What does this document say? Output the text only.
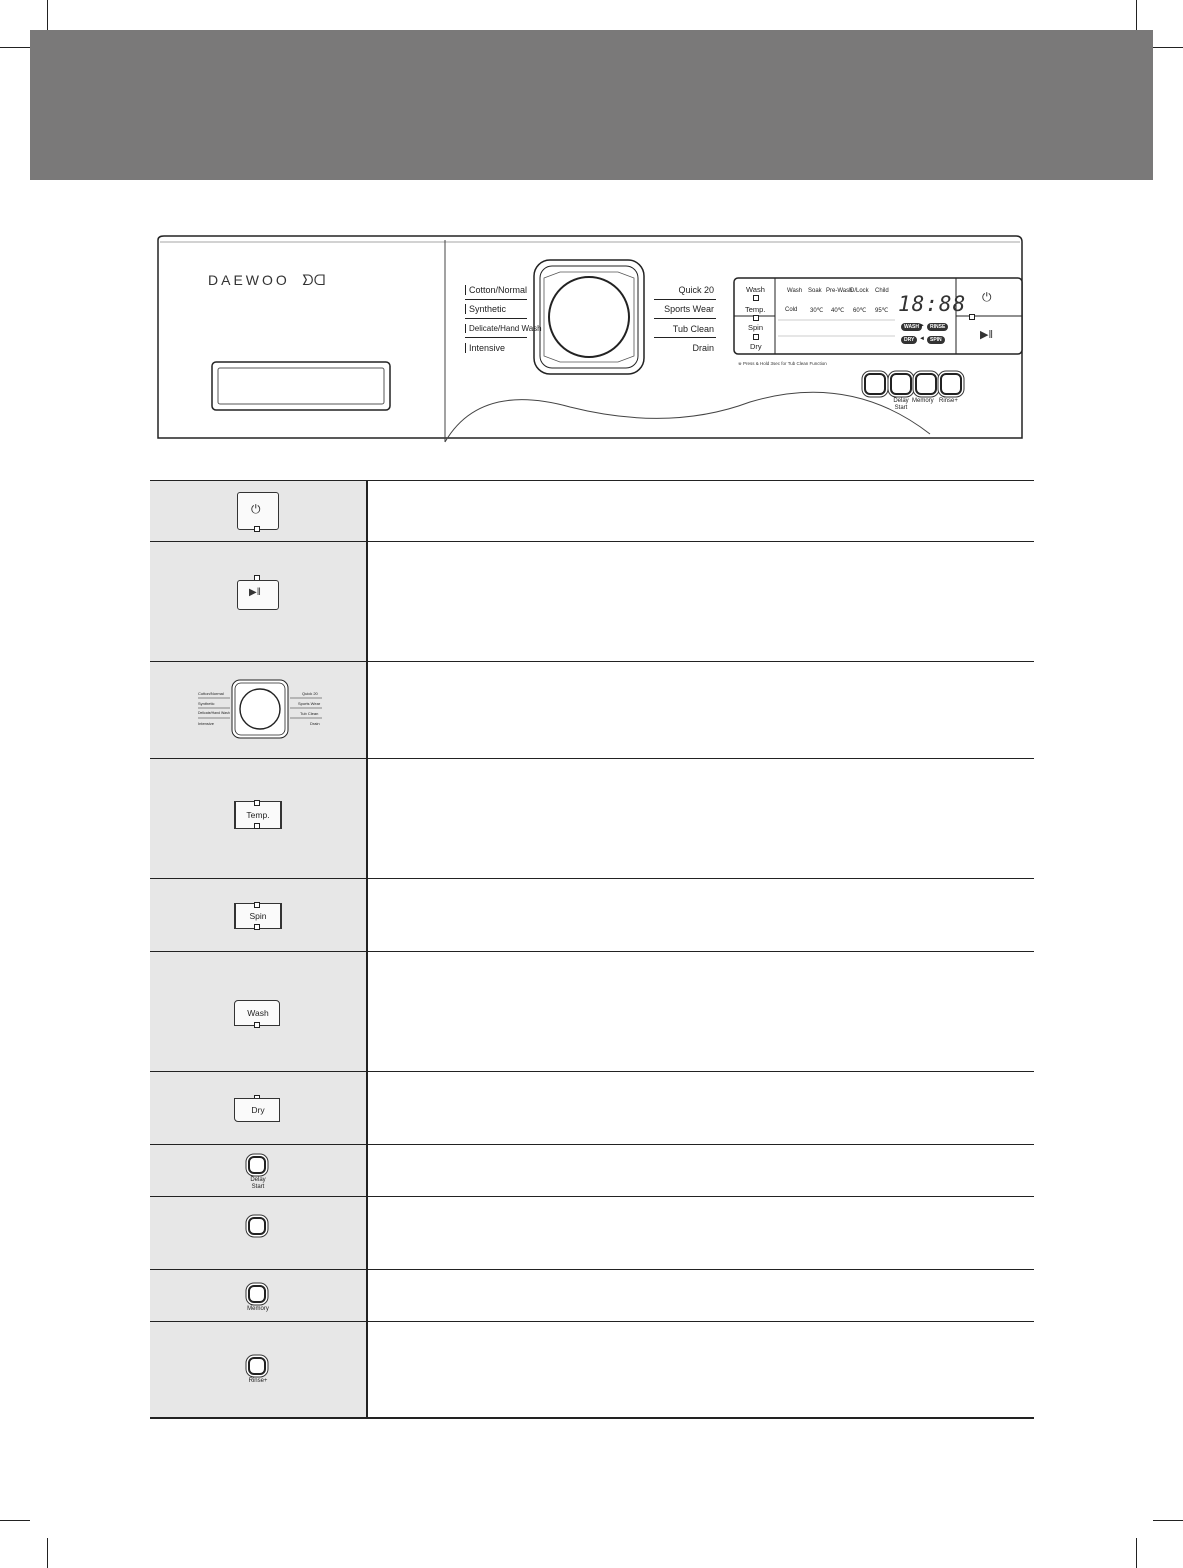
DAEWOO ᗤᗡ
Cotton/Normal
Synthetic
Delicate/Hand Wash
Intensive
Quick 20
Sports Wear
Tub Clean
Drain
Wash
Temp.
Spin
Dry
Wash Soak Pre-Wash
D/Lock Child
Cold 30℃ 40℃ 60℃ 95℃ 18:88
WASH ►	RINSE
DRY ◄	SPIN
⏻
▶‖
※ Press & Hold 3sec for Tub Clean Function
Delay Start
Memory Rinse+
⏻
▶‖
Cotton/Normal
Synthetic
Delicate/Hand Wash
Intensive
Quick 20
Sports Wear
Tub Clean
Drain
Temp.
Spin
Wash
Dry
Delay
Start
Memory
Rinse+
